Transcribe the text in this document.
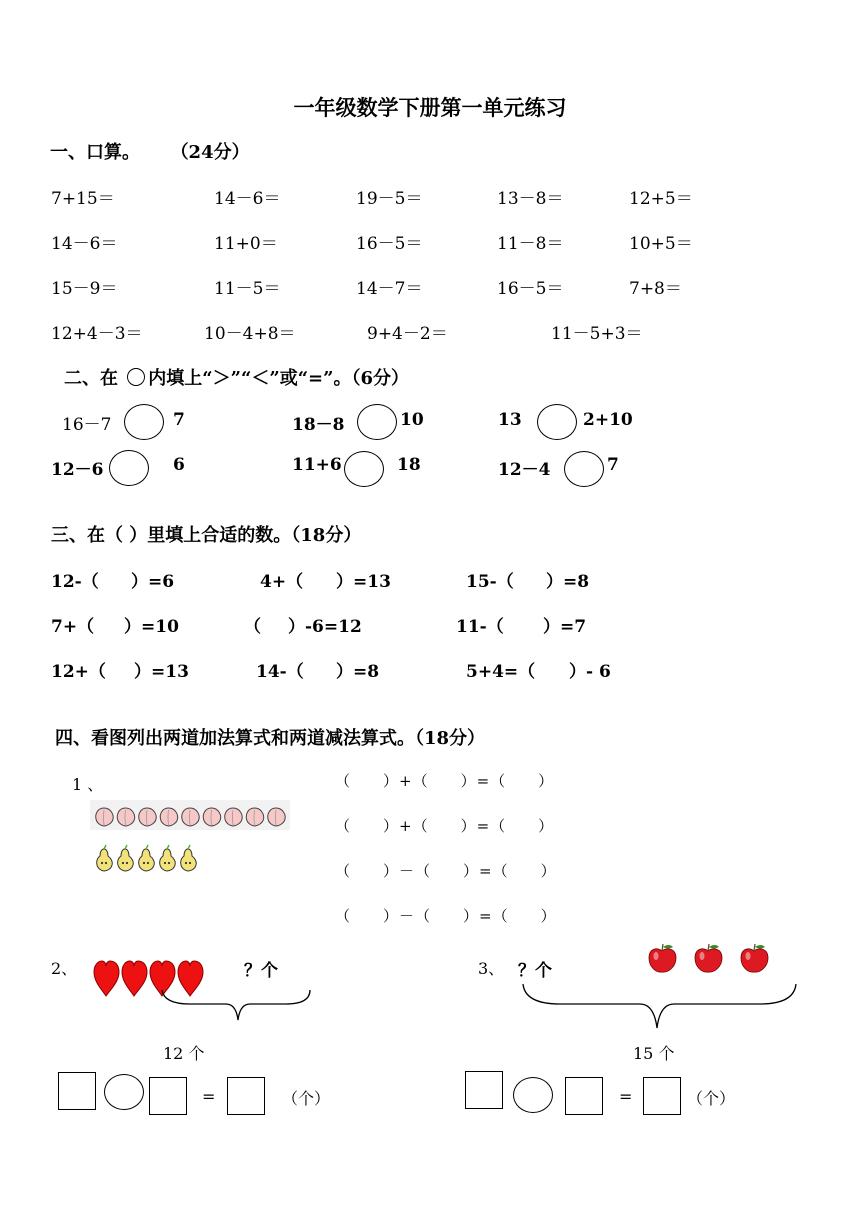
一年级数学下册第一单元练习
一、口算。 （24分）
7+15＝	14－6＝	19－5＝	13－8＝	12+5＝
14－6＝	11+0＝	16－5＝	11－8＝	10+5＝
15－9＝	11－5＝	14－7＝	16－5＝	7+8＝
12+4－3＝	10－4+8＝	9+4－2＝	11－5+3＝
二、在 内填上“＞”“＜”或“=”。（6分）
16－7	7	18－8	10	13	2+10
12－6	6	11+6	18	12－4	7
三、在（ ）里填上合适的数。（18分）
12-（ ）=6	4+（ ）=13	15-（ ）=8
7+（ ）=10	（ ）-6=12	11-（ ）=7
12+（ ）=13	14-（ ）=8	5+4=（ ）- 6
四、看图列出两道加法算式和两道减法算式。（18分）
1 、	（　　）+（　　）=（　　）
（　　）+（　　）=（　　）
（　　）－（　　）=（　　）
（　　）－（　　）=（　　）
2、	？个
12 个
=	（个）
3、 ？个
15 个
=	（个）
